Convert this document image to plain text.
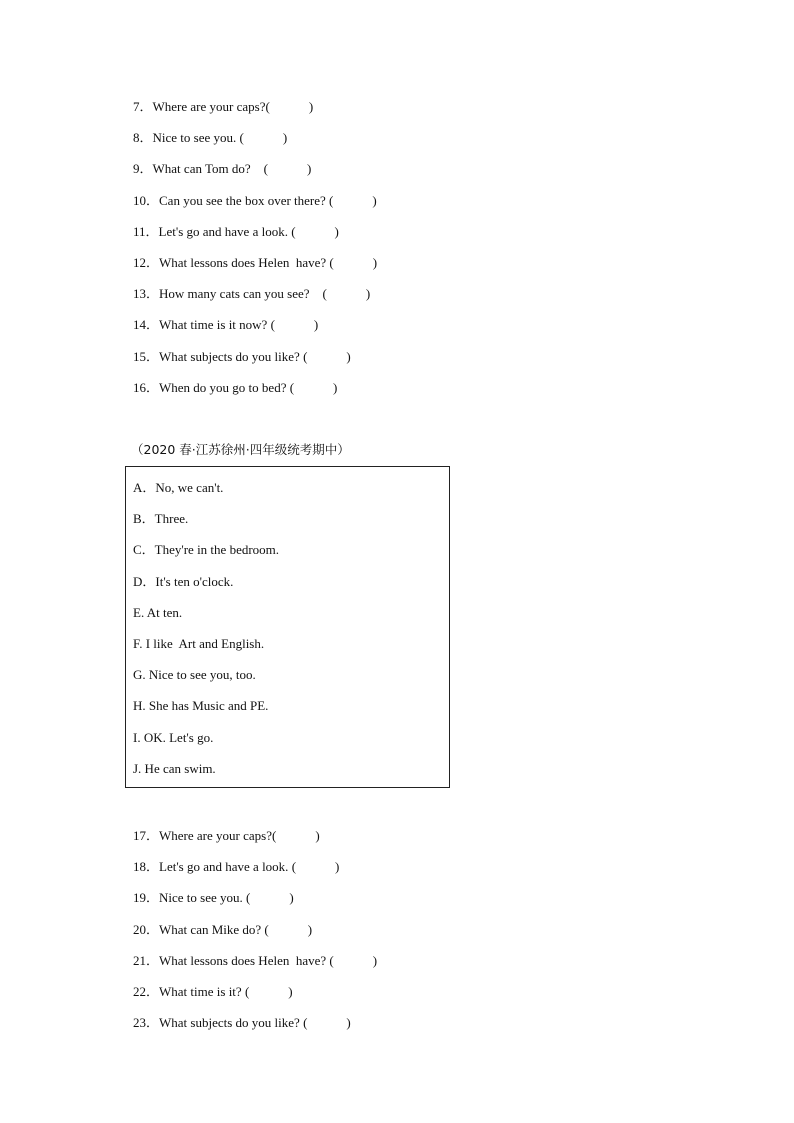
7．Where are your caps?(            )
8．Nice to see you. (            )
9．What can Tom do?    (            )
10．Can you see the box over there? (            )
11．Let's go and have a look. (            )
12．What lessons does Helen  have? (            )
13．How many cats can you see?    (            )
14．What time is it now? (            )
15．What subjects do you like? (            )
16．When do you go to bed? (            )
（2020 春·江苏徐州·四年级统考期中）
A．No, we can't.
B．Three.
C．They're in the bedroom.
D．It's ten o'clock.
E. At ten.
F. I like  Art and English.
G. Nice to see you, too.
H. She has Music and PE.
I. OK. Let's go.
J. He can swim.
17．Where are your caps?(            )
18．Let's go and have a look. (            )
19．Nice to see you. (            )
20．What can Mike do? (            )
21．What lessons does Helen  have? (            )
22．What time is it? (            )
23．What subjects do you like? (            )
